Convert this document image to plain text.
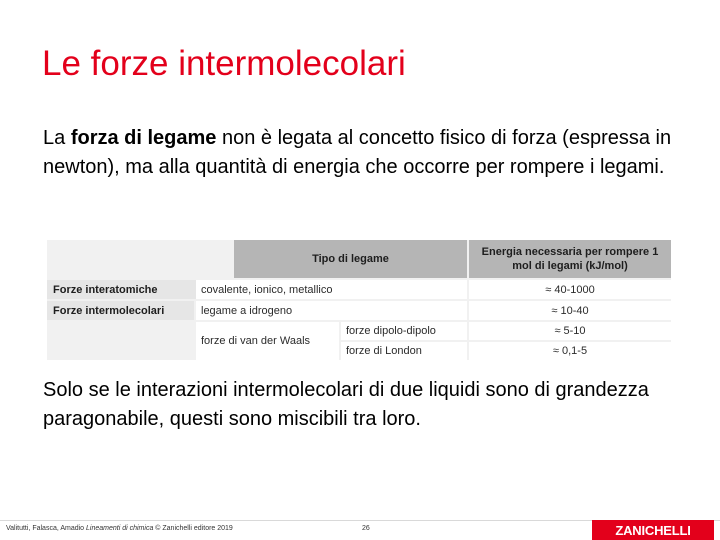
Le forze intermolecolari
La forza di legame non è legata al concetto fisico di forza (espressa in newton), ma alla quantità di energia che occorre per rompere i legami.
Tipo di legame
Energia necessaria per rompere 1 mol di legami (kJ/mol)
Forze interatomiche	covalente, ionico, metallico	≈ 40-1000
Forze intermolecolari	legame a idrogeno	≈ 10-40
forze di van der Waals
forze dipolo-dipolo	≈ 5-10
forze di London	≈ 0,1-5
Solo se le interazioni intermolecolari di due liquidi sono di grandezza paragonabile, questi sono miscibili tra loro.
Valitutti, Falasca, Amadio Lineamenti di chimica © Zanichelli editore 2019	26	ZANICHELLI
